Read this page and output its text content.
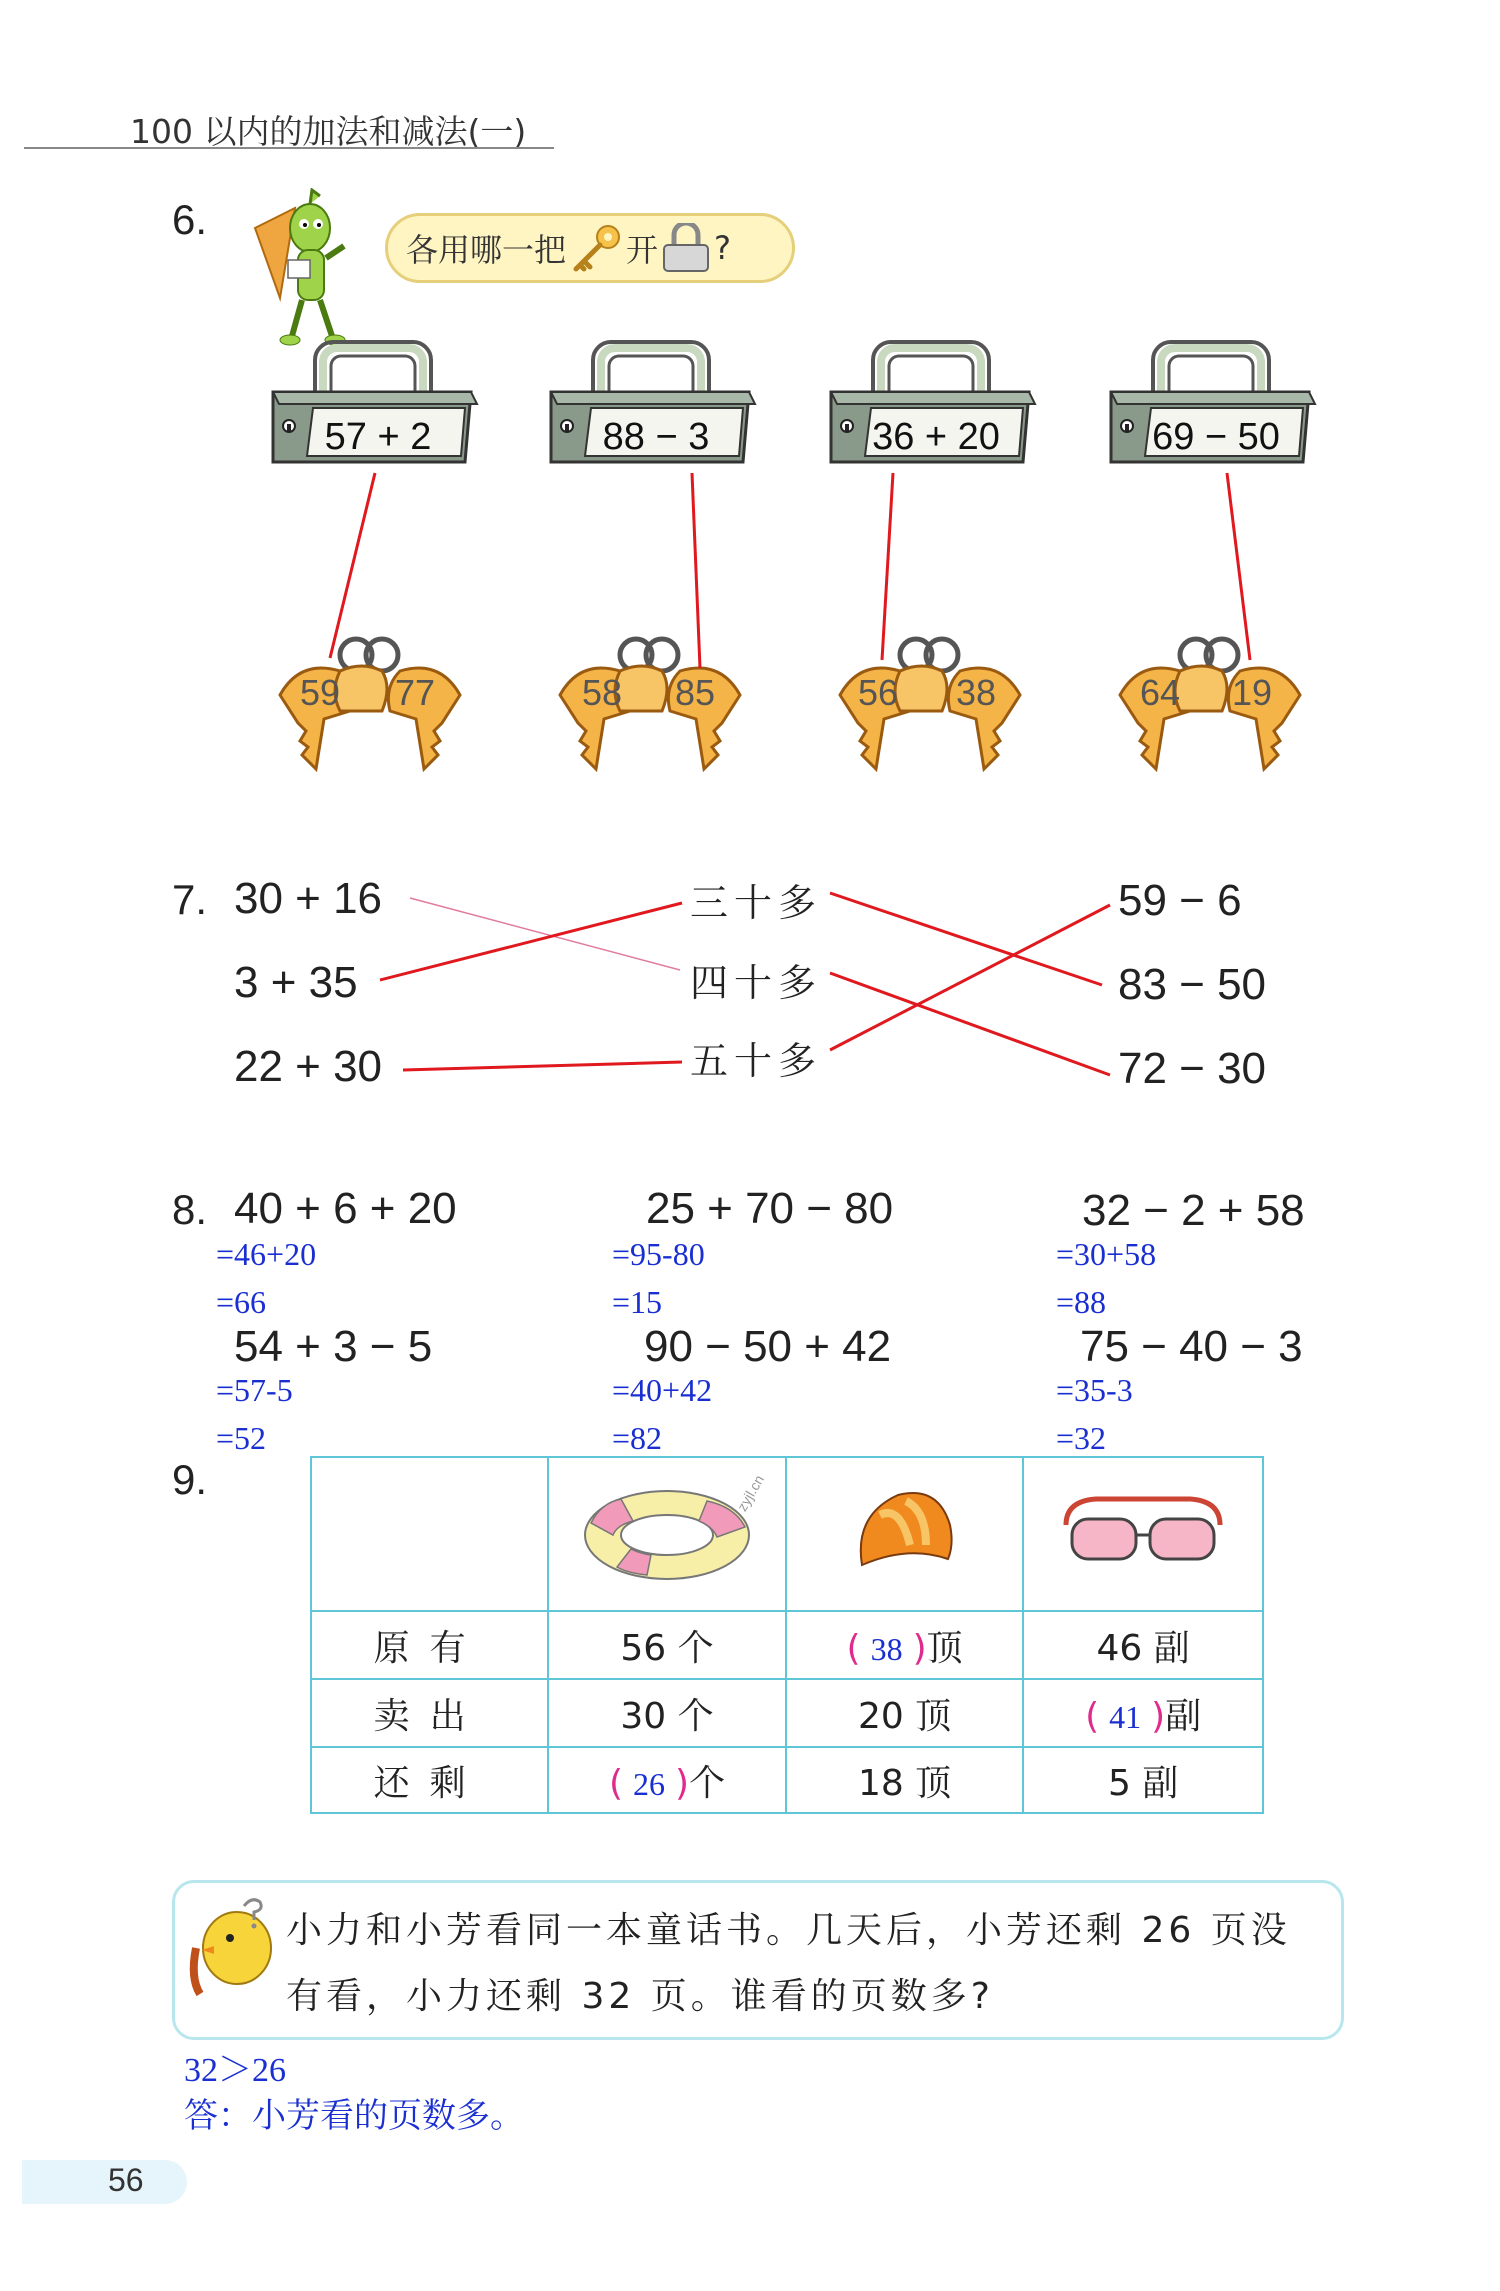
100 以内的加法和减法(一)
6.
各用哪一把 开 ?
57 + 2	88 − 3	36 + 20	69 − 50
59 77	58 85	56 38	64 19
7. 30 + 16
3 + 35
22 + 30
三十多
四十多
五十多
59 − 6
83 − 50
72 − 30
8. 40 + 6 + 20
=46+20
=66
25 + 70 − 80
=95-80
=15
32 − 2 + 58
=30+58
=88
54 + 3 − 5
=57-5
=52
90 − 50 + 42
=40+42
=82
75 − 40 − 3
=35-3
=32
9.

	zyjl.cn

原有	56 个	( 38 )顶	46 副
卖出	30 个	20 顶	( 41 )副
还剩	( 26 )个	18 顶	5 副
小力和小芳看同一本童话书。几天后，小芳还剩 26 页没有看，小力还剩 32 页。谁看的页数多?
32＞26
答：小芳看的页数多。
56
